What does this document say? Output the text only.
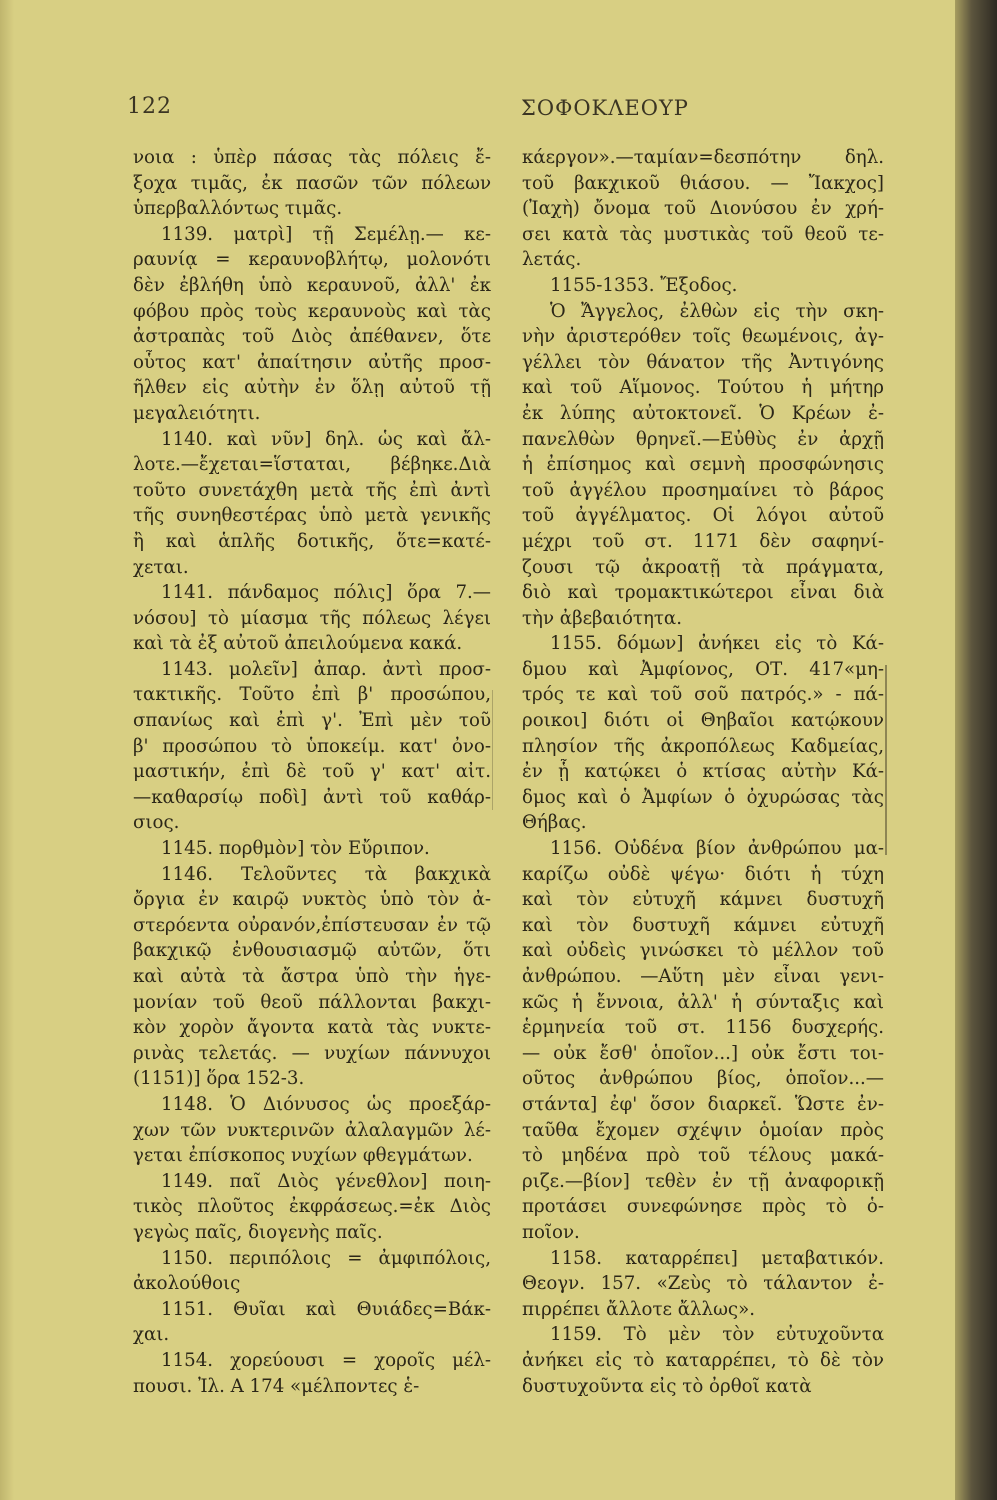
122	ΣΟΦΟΚΛΕΟΥΡ
νοια : ὑπὲρ πάσας τὰς πόλεις ἔ-
ξοχα τιμᾶς, ἐκ πασῶν τῶν πόλεων
ὑπερβαλλόντως τιμᾶς.
1139. ματρὶ] τῇ Σεμέλῃ.— κε-
ραυνίᾳ = κεραυνοβλήτῳ, μολονότι
δὲν ἐβλήθη ὑπὸ κεραυνοῦ, ἀλλ' ἐκ
φόβου πρὸς τοὺς κεραυνοὺς καὶ τὰς
ἀστραπὰς τοῦ Διὸς ἀπέθανεν, ὅτε
οὗτος κατ' ἀπαίτησιν αὐτῆς προσ-
ῆλθεν εἰς αὐτὴν ἐν ὅλῃ αὐτοῦ τῇ
μεγαλειότητι.
1140. καὶ νῦν] δηλ. ὡς καὶ ἄλ-
λοτε.—ἔχεται=ἵσταται, βέβηκε.Διὰ
τοῦτο συνετάχθη μετὰ τῆς ἐπὶ ἀντὶ
τῆς συνηθεστέρας ὑπὸ μετὰ γενικῆς
ἢ καὶ ἁπλῆς δοτικῆς, ὅτε=κατέ-
χεται.
1141. πάνδαμος πόλις] ὅρα 7.—
νόσου] τὸ μίασμα τῆς πόλεως λέγει
καὶ τὰ ἐξ αὐτοῦ ἀπειλούμενα κακά.
1143. μολεῖν] ἀπαρ. ἀντὶ προσ-
τακτικῆς. Τοῦτο ἐπὶ β' προσώπου,
σπανίως καὶ ἐπὶ γ'. Ἐπὶ μὲν τοῦ
β' προσώπου τὸ ὑποκείμ. κατ' ὀνο-
μαστικήν, ἐπὶ δὲ τοῦ γ' κατ' αἰτ.
—καθαρσίῳ ποδὶ] ἀντὶ τοῦ καθάρ-
σιος.
1145. πορθμὸν] τὸν Εὔριπον.
1146. Τελοῦντες τὰ βακχικὰ
ὄργια ἐν καιρῷ νυκτὸς ὑπὸ τὸν ἀ-
στερόεντα οὐρανόν,ἐπίστευσαν ἐν τῷ
βακχικῷ ἐνθουσιασμῷ αὐτῶν, ὅτι
καὶ αὐτὰ τὰ ἄστρα ὑπὸ τὴν ἡγε-
μονίαν τοῦ θεοῦ πάλλονται βακχι-
κὸν χορὸν ἄγοντα κατὰ τὰς νυκτε-
ρινὰς τελετάς. — νυχίων πάννυχοι
(1151)] ὅρα 152-3.
1148. Ὁ Διόνυσος ὡς προεξάρ-
χων τῶν νυκτερινῶν ἀλαλαγμῶν λέ-
γεται ἐπίσκοπος νυχίων φθεγμάτων.
1149. παῖ Διὸς γένεθλον] ποιη-
τικὸς πλοῦτος ἐκφράσεως.=ἐκ Διὸς
γεγὼς παῖς, διογενὴς παῖς.
1150. περιπόλοις = ἀμφιπόλοις,
ἀκολούθοις
1151. Θυῖαι καὶ Θυιάδες=Βάκ-
χαι.
1154. χορεύουσι = χοροῖς μέλ-
πουσι. Ἰλ. Α 174 «μέλποντες ἑ-
κάεργον».—ταμίαν=δεσπότην δηλ.
τοῦ βακχικοῦ θιάσου. — Ἴακχος]
(Ἰαχὴ) ὄνομα τοῦ Διονύσου ἐν χρή-
σει κατὰ τὰς μυστικὰς τοῦ θεοῦ τε-
λετάς.
1155-1353. Ἔξοδος.
Ὁ Ἄγγελος, ἐλθὼν εἰς τὴν σκη-
νὴν ἀριστερόθεν τοῖς θεωμένοις, ἀγ-
γέλλει τὸν θάνατον τῆς Ἀντιγόνης
καὶ τοῦ Αἵμονος. Τούτου ἡ μήτηρ
ἐκ λύπης αὐτοκτονεῖ. Ὁ Κρέων ἐ-
πανελθὼν θρηνεῖ.—Εὐθὺς ἐν ἀρχῇ
ἡ ἐπίσημος καὶ σεμνὴ προσφώνησις
τοῦ ἀγγέλου προσημαίνει τὸ βάρος
τοῦ ἀγγέλματος. Οἱ λόγοι αὐτοῦ
μέχρι τοῦ στ. 1171 δὲν σαφηνί-
ζουσι τῷ ἀκροατῇ τὰ πράγματα,
διὸ καὶ τρομακτικώτεροι εἶναι διὰ
τὴν ἀβεβαιότητα.
1155. δόμων] ἀνήκει εἰς τὸ Κά-
δμου καὶ Ἀμφίονος, ΟΤ. 417«μη-
τρός τε καὶ τοῦ σοῦ πατρός.» - πά-
ροικοι] διότι οἱ Θηβαῖοι κατῴκουν
πλησίον τῆς ἀκροπόλεως Καδμείας,
ἐν ᾗ κατῴκει ὁ κτίσας αὐτὴν Κά-
δμος καὶ ὁ Ἀμφίων ὁ ὀχυρώσας τὰς
Θήβας.
1156. Οὐδένα βίον ἀνθρώπου μα-
καρίζω οὐδὲ ψέγω· διότι ἡ τύχη
καὶ τὸν εὐτυχῆ κάμνει δυστυχῆ
καὶ τὸν δυστυχῆ κάμνει εὐτυχῆ
καὶ οὐδεὶς γινώσκει τὸ μέλλον τοῦ
ἀνθρώπου. —Αὕτη μὲν εἶναι γενι-
κῶς ἡ ἔννοια, ἀλλ' ἡ σύνταξις καὶ
ἑρμηνεία τοῦ στ. 1156 δυσχερής.
— οὐκ ἔσθ' ὁποῖον...] οὐκ ἔστι τοι-
οῦτος ἀνθρώπου βίος, ὁποῖον...—
στάντα] ἐφ' ὅσον διαρκεῖ. Ὥστε ἐν-
ταῦθα ἔχομεν σχέψιν ὁμοίαν πρὸς
τὸ μηδένα πρὸ τοῦ τέλους μακά-
ριζε.—βίον] τεθὲν ἐν τῇ ἀναφορικῇ
προτάσει συνεφώνησε πρὸς τὸ ὁ-
ποῖον.
1158. καταρρέπει] μεταβατικόν.
Θεογν. 157. «Ζεὺς τὸ τάλαντον ἐ-
πιρρέπει ἄλλοτε ἄλλως».
1159. Τὸ μὲν τὸν εὐτυχοῦντα
ἀνήκει εἰς τὸ καταρρέπει, τὸ δὲ τὸν
δυστυχοῦντα εἰς τὸ ὀρθοῖ κατὰ
